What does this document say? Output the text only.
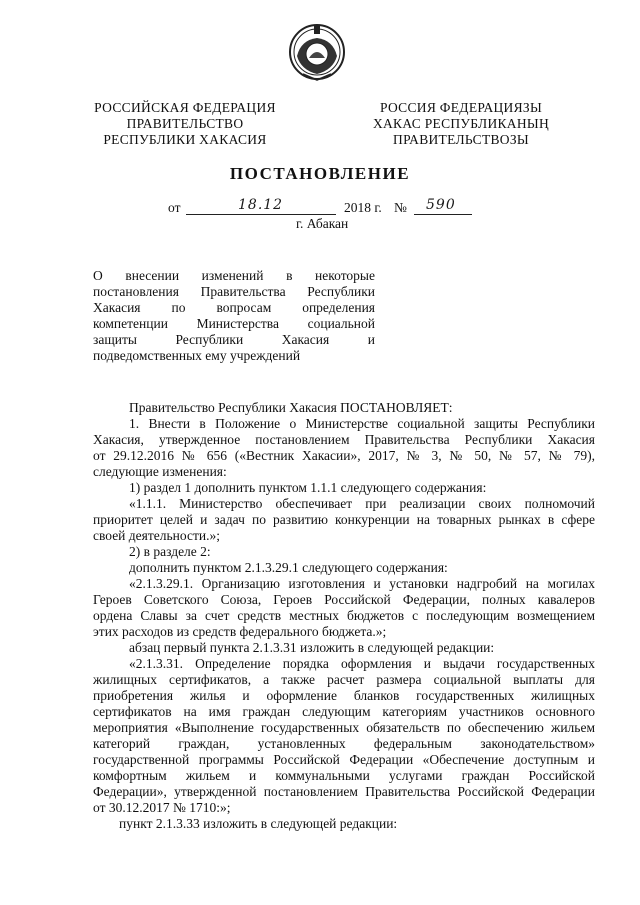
РОССИЙСКАЯ ФЕДЕРАЦИЯ
ПРАВИТЕЛЬСТВО
РЕСПУБЛИКИ ХАКАСИЯ
РОССИЯ ФЕДЕРАЦИЯЗЫ
ХАКАС РЕСПУБЛИКАНЫҢ
ПРАВИТЕЛЬСТВОЗЫ
ПОСТАНОВЛЕНИЕ
от	18.12	2018 г. № 590
г. Абакан
О внесении изменений в некоторые
постановления Правительства Республики
Хакасия по вопросам определения
компетенции Министерства социальной
защиты Республики Хакасия и
подведомственных ему учреждений
Правительство Республики Хакасия ПОСТАНОВЛЯЕТ:
1. Внести в Положение о Министерстве социальной защиты Республики
Хакасия, утвержденное постановлением Правительства Республики Хакасия
от 29.12.2016 № 656 («Вестник Хакасии», 2017, № 3, № 50, № 57, № 79),
следующие изменения:
1) раздел 1 дополнить пунктом 1.1.1 следующего содержания:
«1.1.1. Министерство обеспечивает при реализации своих полномочий
приоритет целей и задач по развитию конкуренции на товарных рынках в сфере
своей деятельности.»;
2) в разделе 2:
дополнить пунктом 2.1.3.29.1 следующего содержания:
«2.1.3.29.1. Организацию изготовления и установки надгробий на могилах
Героев Советского Союза, Героев Российской Федерации, полных кавалеров
ордена Славы за счет средств местных бюджетов с последующим возмещением
этих расходов из средств федерального бюджета.»;
абзац первый пункта 2.1.3.31 изложить в следующей редакции:
«2.1.3.31. Определение порядка оформления и выдачи государственных
жилищных сертификатов, а также расчет размера социальной выплаты для
приобретения жилья и оформление бланков государственных жилищных
сертификатов на имя граждан следующим категориям участников основного
мероприятия «Выполнение государственных обязательств по обеспечению жильем
категорий граждан, установленных федеральным законодательством»
государственной программы Российской Федерации «Обеспечение доступным и
комфортным жильем и коммунальными услугами граждан Российской
Федерации», утвержденной постановлением Правительства Российской Федерации
от 30.12.2017 № 1710:»;
пункт 2.1.3.33 изложить в следующей редакции:
